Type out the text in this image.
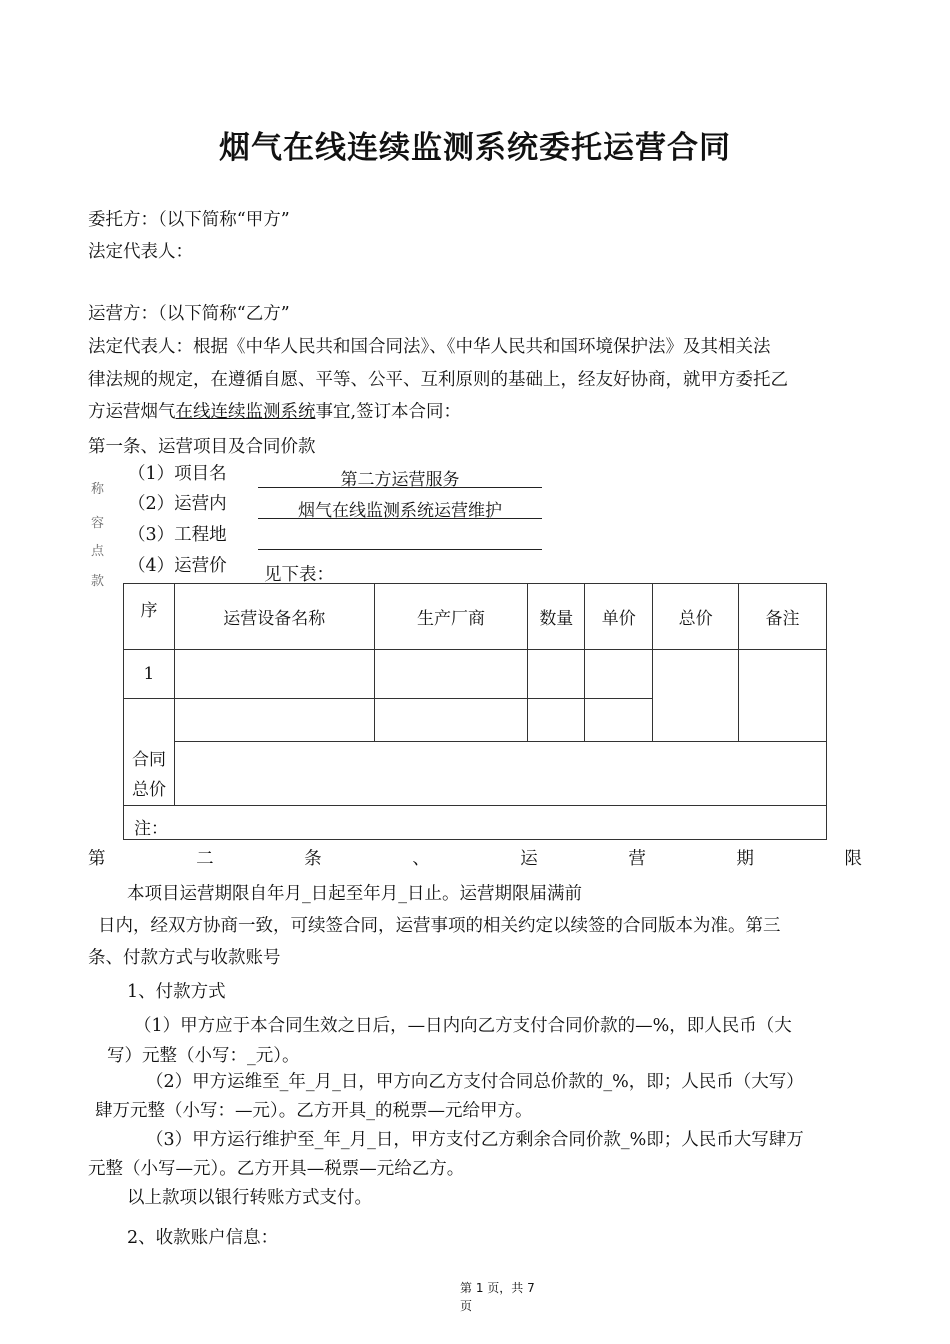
烟气在线连续监测系统委托运营合同
委托方：（以下简称“甲方”
法定代表人：
运营方：（以下简称“乙方”
法定代表人：根据《中华人民共和国合同法》、《中华人民共和国环境保护法》及其相关法
律法规的规定，在遵循自愿、平等、公平、互利原则的基础上，经友好协商，就甲方委托乙
方运营烟气在线连续监测系统事宜,签订本合同：
第一条、运营项目及合同价款
称
容
点
款
（1）项目名	第二方运营服务
（2）运营内	烟气在线监测系统运营维护
（3）工程地
（4）运营价 见下表：
序	运营设备名称	生产厂商	数量	单价	总价	备注
1						

合同
总价						

注：						
第	二	条	、	运	营	期	限
本项目运营期限自年月_日起至年月_日止。运营期限届满前
日内，经双方协商一致，可续签合同，运营事项的相关约定以续签的合同版本为准。第三
条、付款方式与收款账号
1、付款方式
（1）甲方应于本合同生效之日后，—日内向乙方支付合同价款的—%，即人民币（大
写）元整（小写：_元）。
（2）甲方运维至_年_月_日，甲方向乙方支付合同总价款的_%，即；人民币（大写）
肆万元整（小写：—元）。乙方开具_的税票—元给甲方。
（3）甲方运行维护至_年_月_日，甲方支付乙方剩余合同价款_%即；人民币大写肆万
元整（小写—元）。乙方开具—税票—元给乙方。
以上款项以银行转账方式支付。
2、收款账户信息：
第 1 页，共 7
页
